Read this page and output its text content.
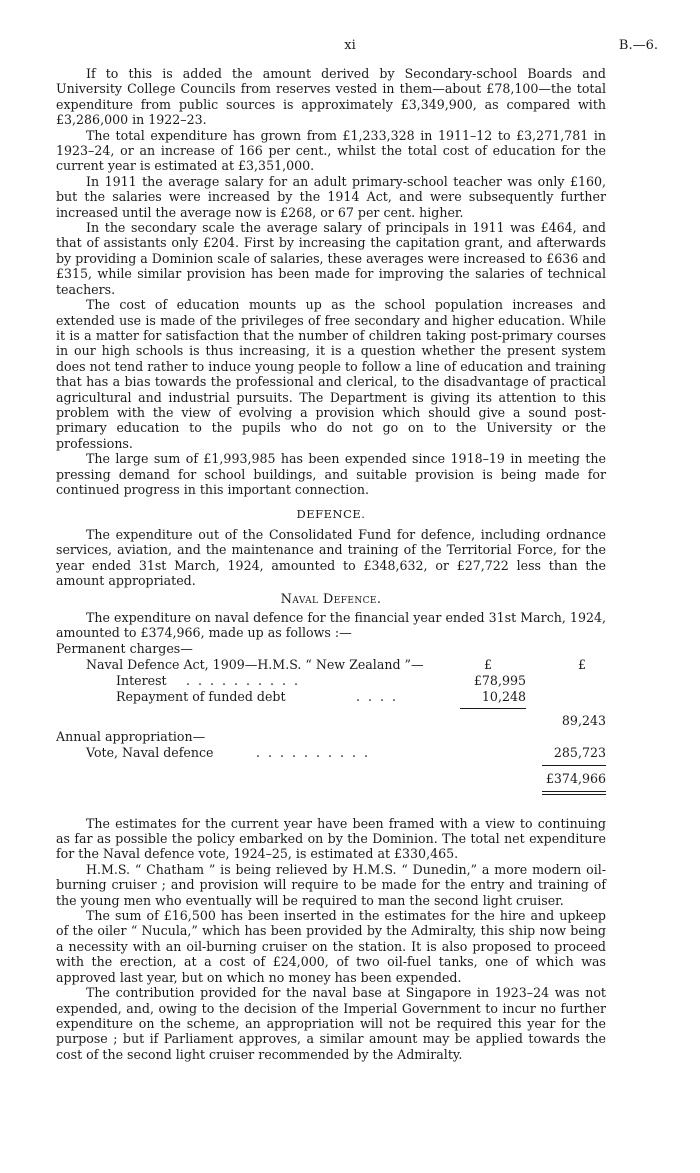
xi	B.—6.

If to this is added the amount derived by Secondary-school Boards and University College Councils from reserves vested in them—about £78,100—the total expenditure from public sources is approximately £3,349,900, as compared with £3,286,000 in 1922–23.

The total expenditure has grown from £1,233,328 in 1911–12 to £3,271,781 in 1923–24, or an increase of 166 per cent., whilst the total cost of education for the current year is estimated at £3,351,000.

In 1911 the average salary for an adult primary-school teacher was only £160, but the salaries were increased by the 1914 Act, and were subsequently further increased until the average now is £268, or 67 per cent. higher.

In the secondary scale the average salary of principals in 1911 was £464, and that of assistants only £204. First by increasing the capitation grant, and afterwards by providing a Dominion scale of salaries, these averages were increased to £636 and £315, while similar provision has been made for improving the salaries of technical teachers.

The cost of education mounts up as the school population increases and extended use is made of the privileges of free secondary and higher education. While it is a matter for satisfaction that the number of children taking post-primary courses in our high schools is thus increasing, it is a question whether the present system does not tend rather to induce young people to follow a line of education and training that has a bias towards the professional and clerical, to the disadvantage of practical agricultural and industrial pursuits. The Department is giving its attention to this problem with the view of evolving a provision which should give a sound post-primary education to the pupils who do not go on to the University or the professions.

The large sum of £1,993,985 has been expended since 1918–19 in meeting the pressing demand for school buildings, and suitable provision is being made for continued progress in this important connection.

DEFENCE.

The expenditure out of the Consolidated Fund for defence, including ordnance services, aviation, and the maintenance and training of the Territorial Force, for the year ended 31st March, 1924, amounted to £348,632, or £27,722 less than the amount appropriated.

Naval Defence.

The expenditure on naval defence for the financial year ended 31st March, 1924, amounted to £374,966, made up as follows :—

Permanent charges—
Naval Defence Act, 1909—H.M.S. “ New Zealand ”—	£	£
Interest . . . . . . . . . .	£78,995
Repayment of funded debt	. . . .	10,248
89,243
Annual appropriation—
Vote, Naval defence	. . . . . . . . . .	285,723
£374,966

The estimates for the current year have been framed with a view to continuing as far as possible the policy embarked on by the Dominion. The total net expenditure for the Naval defence vote, 1924–25, is estimated at £330,465.

H.M.S. “ Chatham ” is being relieved by H.M.S. “ Dunedin,” a more modern oil-burning cruiser ; and provision will require to be made for the entry and training of the young men who eventually will be required to man the second light cruiser.

The sum of £16,500 has been inserted in the estimates for the hire and upkeep of the oiler “ Nucula,” which has been provided by the Admiralty, this ship now being a necessity with an oil-burning cruiser on the station. It is also proposed to proceed with the erection, at a cost of £24,000, of two oil-fuel tanks, one of which was approved last year, but on which no money has been expended.

The contribution provided for the naval base at Singapore in 1923–24 was not expended, and, owing to the decision of the Imperial Government to incur no further expenditure on the scheme, an appropriation will not be required this year for the purpose ; but if Parliament approves, a similar amount may be applied towards the cost of the second light cruiser recommended by the Admiralty.
